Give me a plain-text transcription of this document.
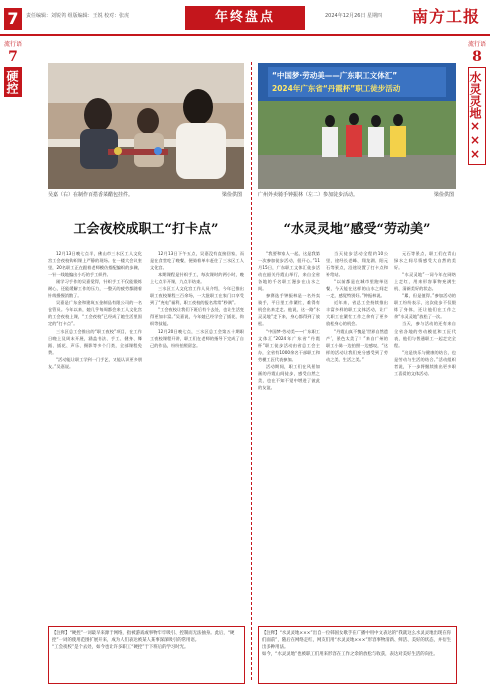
7	责任编辑：刘锐鸰 组版编辑：王锐 校对：张虎	年终盘点	2024年12月26日 星期四 南方工报
流行语
7
硬控
流行语
8
水灵灵地×××
吴嘉（右）在制作百搭香菜醋包挂件。	梁俭供图
“中国梦·劳动美——广东职工文体汇”
2024年广东省“丹霞杯”职工徒步活动
广州外卖骑手钟振林（左二）参加徒步活动。	梁俭供图
工会夜校成职工“打卡点”

12月13日晚七点半，佛山市三水区工人文化宫工会夜校钩织课上严静的现场。在一楼大会议室里，20名职工正在跟着老师模仿搭配编织的步骤，一针一线地编出小巧的手工织件。

刚学习手作的吴嘉觉得，针织手工不仅能锻炼耐心，还能缓解工作的压力，一整天的疲劳都随着针线慢慢消散了。

吴嘉是广东金和建筑五金制品有限公司的一名仓管员。今年以来，她几乎每周都会来工人文化宫的工会夜校上课，“工会夜校”已经成了她生活里固定的“打卡点”。

三水区总工会推出的“职工夜校”项目，在工作日晚上及周末开展，涵盖书法、手工、健身、舞蹈、插花、声乐、摄影等多个门类，全部课程免费。

“活动能让职工学到一门手艺，又能认识更多朋友。”吴嘉说。

12月13日下午五点，吴嘉没有直接回家，而是在食堂吃了晚餐，便骑着单车赶往了三水区工人文化宫。

本期课程是针织手工，每次课时约两小时，晚上七点半开课，九点半结束。

三水区工人文化宫工作人员介绍，今年已推出职工夜校课程三百余场，一大批职工在家门口享受到了“充电”福利，职工夜校的报名常常“秒满”。

“工会夜校让我们下班后有个去处，也让生活变得更加丰富。”吴嘉说，今年她已经学会了插花、钩织等技能。

12月20日晚七点，三水区总工会第五十期职工夜校课程开讲，职工们在老师的指导下完成了自己的作品，纷纷拍照留念。

【注释】“硬控”一词最早来源于网络，指被游戏或事物牢牢吸引、控制而无法抽身。此后，“硬控”一词的使用范围扩展开来，成为人们表达被某人某事深深吸引的常用语。

“工会夜校”是个去处，如今也让许多职工“硬控”于下班后的学习时光。

“水灵灵地”感受“劳动美”

“我要和家人一起，这是我第一次参加徒步活动，很开心。”11月15日，广东职工文体汇徒步活动在韶关丹霞山举行，来自全省各地的千名职工漫步在山水之间。

参赛选手钟振林是一名外卖骑手，平日里工作繁忙，难得有机会出来走走。他说，这一路“水灵灵地”走下来，身心都得到了放松。

“中国梦·劳动美——广东职工文体汇”2024年广东省“丹霞杯”职工徒步活动由省总工会主办，全省有1000余名干部职工和劳模工匠代表参加。

活动期间，职工们在风景如画的丹霞山间徒步，感受自然之美，也在不知不觉中增进了彼此的友谊。

当天徒步活动全程约10公里，途经长老峰、翔龙湖、阳元石等景点，沿途设置了打卡点和补给站。

“以前都是在城市里跑单送餐，今天能在这样的山水之间走一走，感觉特别好。”钟振林说。

近年来，省总工会持续推出丰富多样的职工文体活动，让广大职工在繁忙工作之余有了更多放松身心的机会。

“丹霞山真不愧是‘世界自然遗产’，景色太美了！”来自广州的职工小陈一边拍照一边感叹，“这样的活动让我们充分感受到了劳动之美、生活之美。”

元石等景点，职工们在青山绿水之间尽情感受大自然的美好。

“水灵灵地”一词今年在网络上走红，用来形容事物充满生机、清新美好的状态。

“累，但是值得。”参加活动的职工纷纷表示，这次徒步不仅锻炼了身体，还让他们在工作之余“水灵灵地”放松了一次。

当天，参与活动的还有来自全省各地的劳动模范和工匠代表，他们与普通职工一起走完全程。

“这是快乐与健康的结合，也是劳动与生活的结合。”活动组织者说，下一步将继续推出更多职工喜爱的文体活动。

【注释】“水灵灵地×××”出自一位韩国女歌手在广播中用中文表达的“我就这么水灵灵地出现在你们面前”，随后在网络走红，网友们用“水灵灵地×××”形容事物清新、鲜活、美好的状态，并衍生出多种用法。

如今，“水灵灵地”也被职工们用来形容在工作之余的放松与收获，表达对美好生活的向往。
